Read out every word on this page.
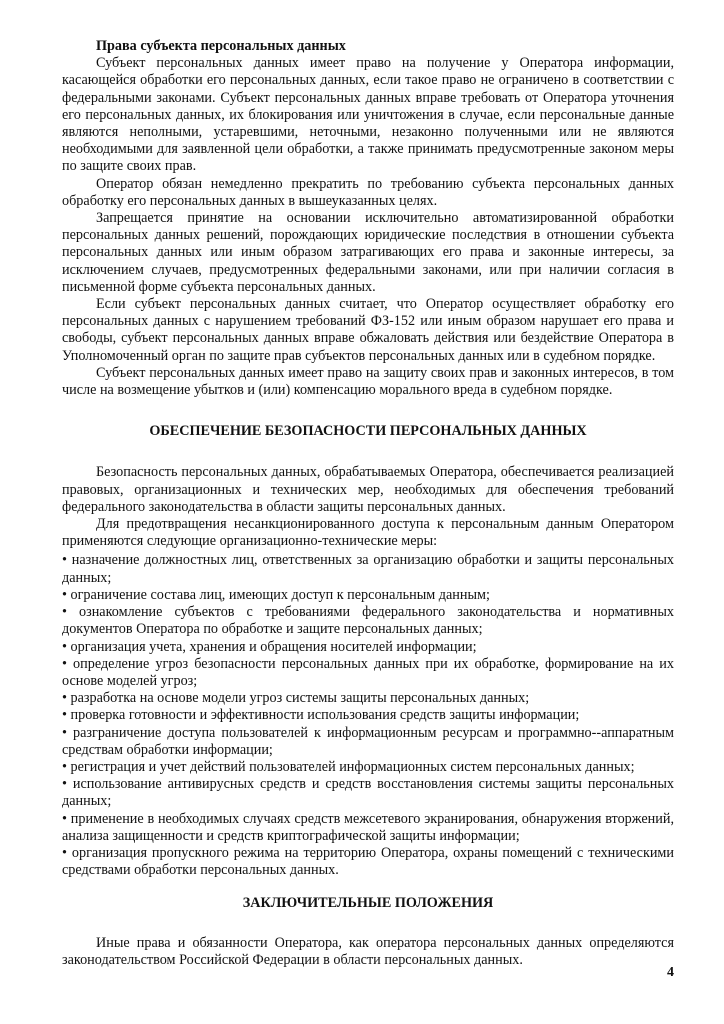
Права субъекта персональных данных

Субъект персональных данных имеет право на получение у Оператора информации, касающейся обработки его персональных данных, если такое право не ограничено в соответствии с федеральными законами. Субъект персональных данных вправе требовать от Оператора уточнения его персональных данных, их блокирования или уничтожения в случае, если персональные данные являются неполными, устаревшими, неточными, незаконно полученными или не являются необходимыми для заявленной цели обработки, а также принимать предусмотренные законом меры по защите своих прав.

Оператор обязан немедленно прекратить по требованию субъекта персональных данных обработку его персональных данных в вышеуказанных целях.

Запрещается принятие на основании исключительно автоматизированной обработки персональных данных решений, порождающих юридические последствия в отношении субъекта персональных данных или иным образом затрагивающих его права и законные интересы, за исключением случаев, предусмотренных федеральными законами, или при наличии согласия в письменной форме субъекта персональных данных.

Если субъект персональных данных считает, что Оператор осуществляет обработку его персональных данных с нарушением требований ФЗ-152 или иным образом нарушает его права и свободы, субъект персональных данных вправе обжаловать действия или бездействие Оператора в Уполномоченный орган по защите прав субъектов персональных данных или в судебном порядке.

Субъект персональных данных имеет право на защиту своих прав и законных интересов, в том числе на возмещение убытков и (или) компенсацию морального вреда в судебном порядке.

ОБЕСПЕЧЕНИЕ БЕЗОПАСНОСТИ ПЕРСОНАЛЬНЫХ ДАННЫХ

Безопасность персональных данных, обрабатываемых Оператора, обеспечивается реализацией правовых, организационных и технических мер, необходимых для обеспечения требований федерального законодательства в области защиты персональных данных.

Для предотвращения несанкционированного доступа к персональным данным Оператором применяются следующие организационно-технические меры:

• назначение должностных лиц, ответственных за организацию обработки и защиты персональных данных;
• ограничение состава лиц, имеющих доступ к персональным данным;
• ознакомление субъектов с требованиями федерального законодательства и нормативных документов Оператора по обработке и защите персональных данных;
• организация учета, хранения и обращения носителей информации;
• определение угроз безопасности персональных данных при их обработке, формирование на их основе моделей угроз;
• разработка на основе модели угроз системы защиты персональных данных;
• проверка готовности и эффективности использования средств защиты информации;
• разграничение доступа пользователей к информационным ресурсам и программно--аппаратным средствам обработки информации;
• регистрация и учет действий пользователей информационных систем персональных данных;
• использование антивирусных средств и средств восстановления системы защиты персональных данных;
• применение в необходимых случаях средств межсетевого экранирования, обнаружения вторжений, анализа защищенности и средств криптографической защиты информации;
• организация пропускного режима на территорию Оператора, охраны помещений с техническими средствами обработки персональных данных.
ЗАКЛЮЧИТЕЛЬНЫЕ ПОЛОЖЕНИЯ

Иные права и обязанности Оператора, как оператора персональных данных определяются законодательством Российской Федерации в области персональных данных.

4
